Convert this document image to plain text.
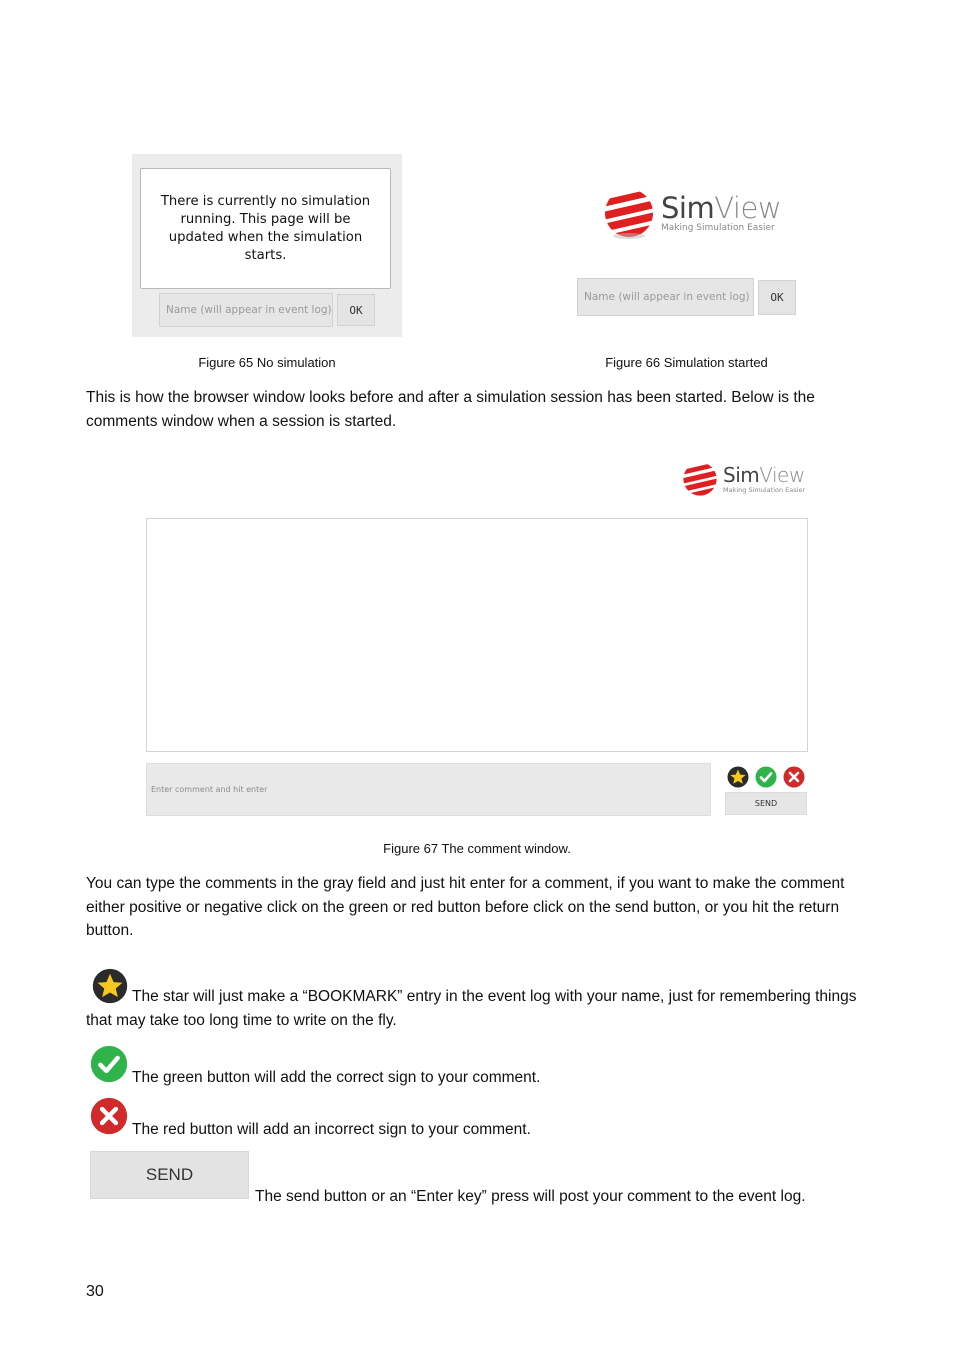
There is currently no simulation running. This page will be updated when the simulation starts.
Name (will appear in event log)	OK
Figure 65 No simulation
SimView
Making Simulation Easier
Name (will appear in event log)	OK
Figure 66 Simulation started
This is how the browser window looks before and after a simulation session has been started. Below is the comments window when a session is started.
SimView
Making Simulation Easier
Enter comment and hit enter
SEND
Figure 67 The comment window.
You can type the comments in the gray field and just hit enter for a comment, if you want to make the comment either positive or negative click on the green or red button before click on the send button, or you hit the return button.
The star will just make a “BOOKMARK” entry in the event log with your name, just for remembering things that may take too long time to write on the fly.
The green button will add the correct sign to your comment.
The red button will add an incorrect sign to your comment.
SEND
The send button or an “Enter key” press will post your comment to the event log.
30
